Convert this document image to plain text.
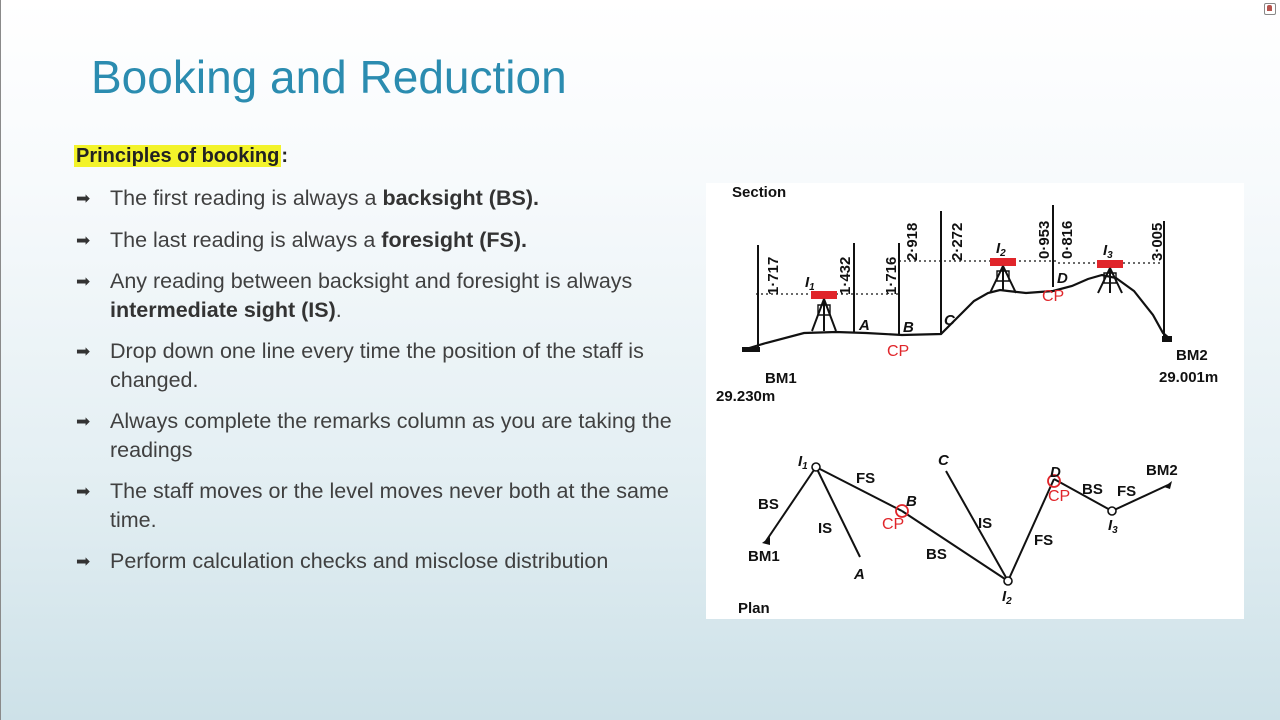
Booking and Reduction
Principles of booking :
➡ The first reading is always a backsight (BS).
➡ The last reading is always a foresight (FS).
➡ Any reading between backsight and foresight is always intermediate sight (IS).
➡ Drop down one line every time the position of the staff is changed.
➡ Always complete the remarks column as you are taking the readings
➡ The staff moves or the level moves never both at the same time.
➡ Perform calculation checks and misclose distribution
Section
1·717	1·432 1·716
2·918 2·272	0·953 0·816	3·005
$I_1$
$I_2$	$I_3$
A B C
D
CP
CP
BM1
29.230m
BM2
29.001m
$I_1$
$I_2$
$I_3$
BM1
BM2
BS
FS
IS
A
B
CP
BS
C
IS
FS
D
CP BS FS
Plan
